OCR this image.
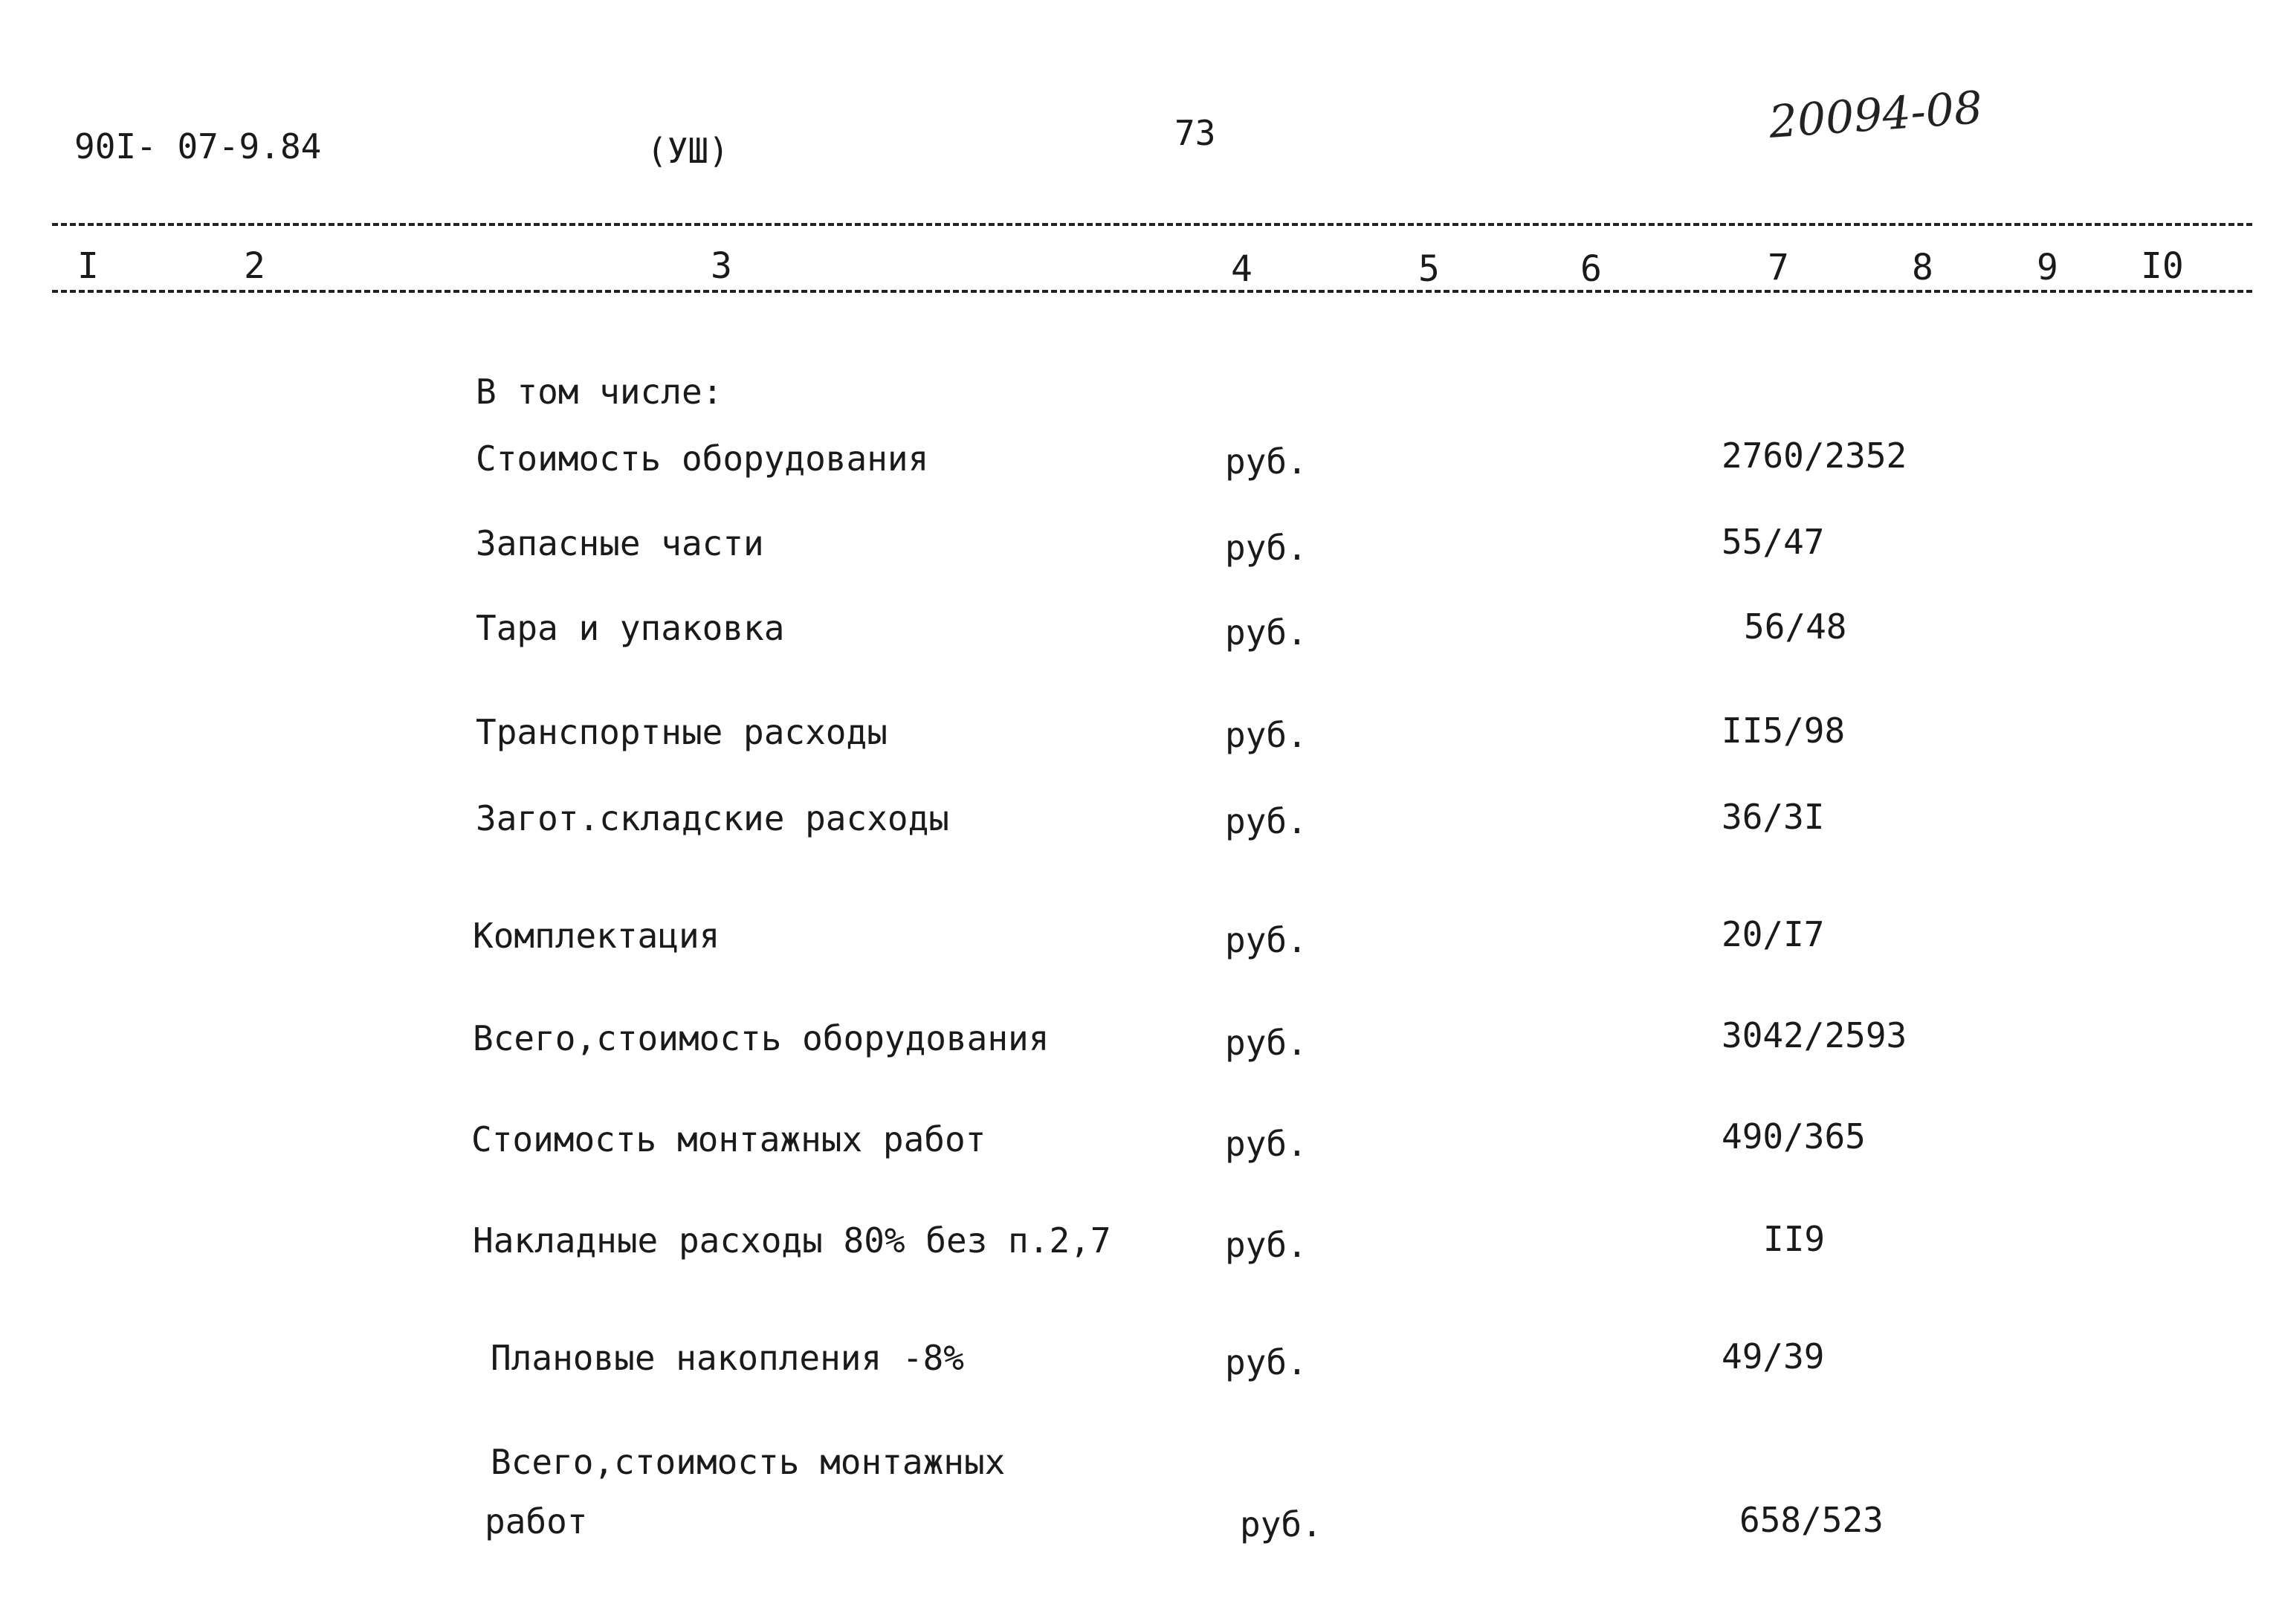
90I- 07-9.84	(УШ)	73	20094-08
I	2	3	4	5	6	7	8	9 I0
В том числе:
Стоимость оборудования	руб.	2760/2352
Запасные части	руб.	55/47
Тара и упаковка	руб.	56/48
Транспортные расходы	руб.	II5/98
Загот.складские расходы	руб.	36/3I
Комплектация	руб.	20/I7
Всего,стоимость оборудования	руб.	3042/2593
Стоимость монтажных работ	руб.	490/365
Накладные расходы 80% без п.2,7	руб.	II9
Плановые накопления -8%	руб.	49/39
Всего,стоимость монтажных
работ	руб.	658/523
